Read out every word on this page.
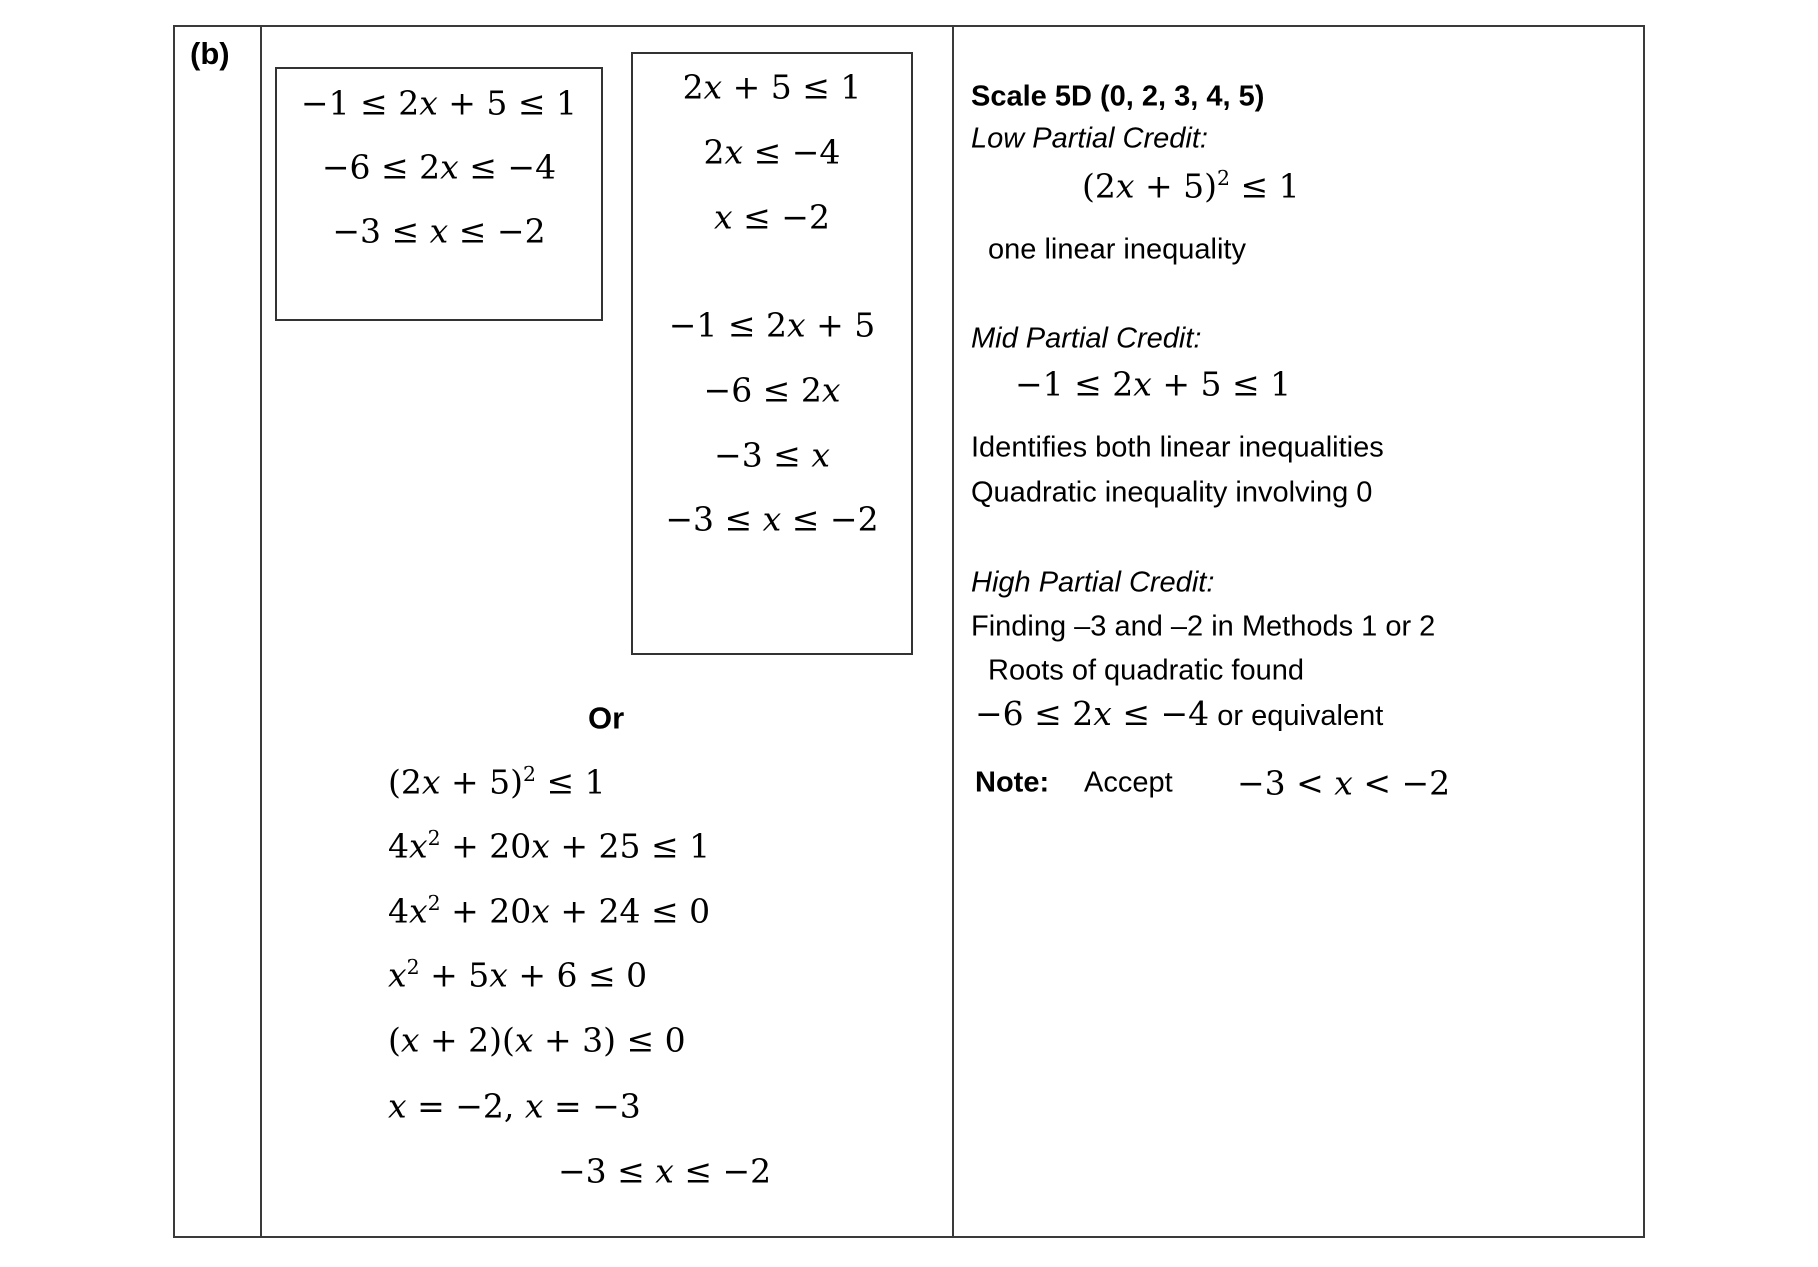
(b)
−1 ≤ 2𝑥 + 5 ≤ 1
−6 ≤ 2𝑥 ≤ −4
−3 ≤ 𝑥 ≤ −2
2𝑥 + 5 ≤ 1
2𝑥 ≤ −4
𝑥 ≤ −2
−1 ≤ 2𝑥 + 5
−6 ≤ 2𝑥
−3 ≤ 𝑥
−3 ≤ 𝑥 ≤ −2
Or
(2𝑥 + 5)$^2$ ≤ 1
4𝑥$^2$ + 20𝑥 + 25 ≤ 1
4𝑥$^2$ + 20𝑥 + 24 ≤ 0
𝑥$^2$ + 5𝑥 + 6 ≤ 0
(𝑥 + 2)(𝑥 + 3) ≤ 0
𝑥 = −2, 𝑥 = −3
−3 ≤ 𝑥 ≤ −2
Scale 5D (0, 2, 3, 4, 5)
Low Partial Credit:
(2𝑥 + 5)$^2$ ≤ 1
one linear inequality
Mid Partial Credit:
−1 ≤ 2𝑥 + 5 ≤ 1
Identifies both linear inequalities
Quadratic inequality involving 0
High Partial Credit:
Finding –3 and –2 in Methods 1 or 2
Roots of quadratic found
−6 ≤ 2𝑥 ≤ −4 or equivalent
Note: Accept −3 < 𝑥 < −2
